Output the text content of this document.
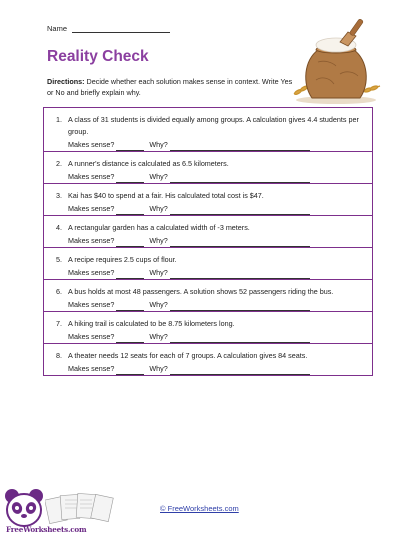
Name
Reality Check
Directions: Decide whether each solution makes sense in context. Write Yes or No and briefly explain why.
1. A class of 31 students is divided equally among groups. A calculation gives 4.4 students per group.
Makes sense?	Why?
2. A runner's distance is calculated as 6.5 kilometers.
Makes sense?	Why?
3. Kai has $40 to spend at a fair. His calculated total cost is $47.
Makes sense?	Why?
4. A rectangular garden has a calculated width of -3 meters.
Makes sense?	Why?
5. A recipe requires 2.5 cups of flour.
Makes sense?	Why?
6. A bus holds at most 48 passengers. A solution shows 52 passengers riding the bus.
Makes sense?	Why?
7. A hiking trail is calculated to be 8.75 kilometers long.
Makes sense?	Why?
8. A theater needs 12 seats for each of 7 groups. A calculation gives 84 seats.
Makes sense?	Why?
FreeWorksheets.com
© FreeWorksheets.com
